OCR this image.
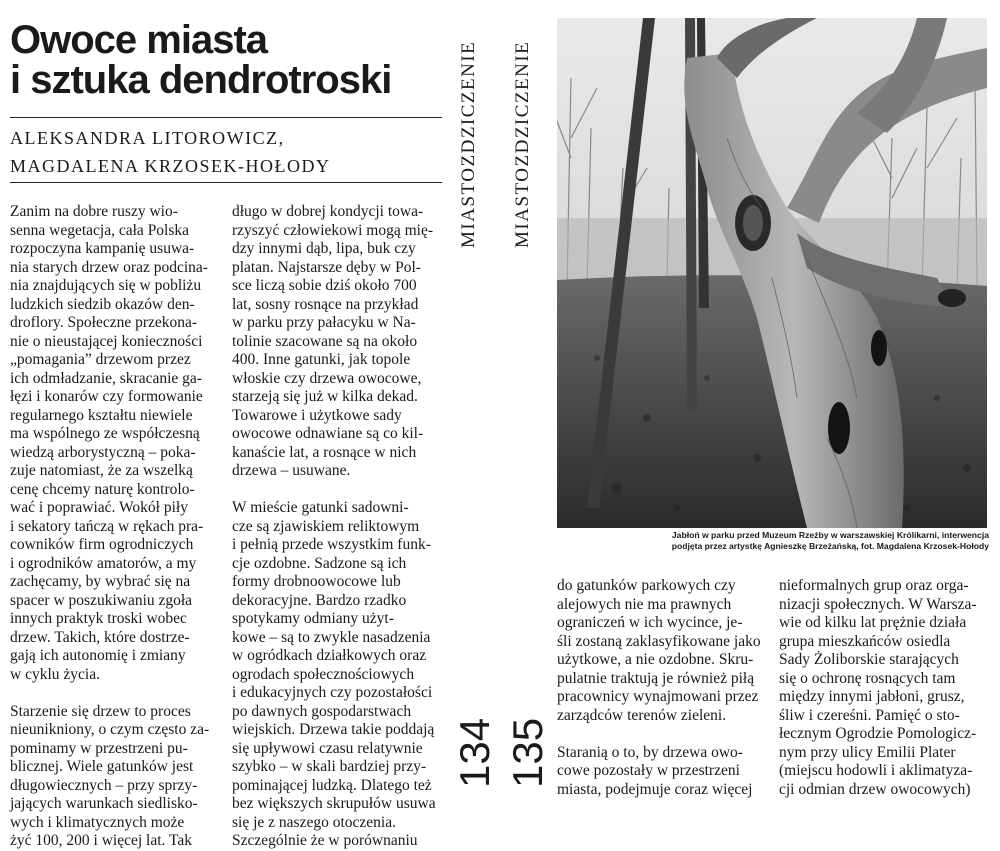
Owoce miasta
i sztuka dendrotroski
ALEKSANDRA LITOROWICZ,
MAGDALENA KRZOSEK-HOŁODY
Zanim na dobre ruszy wio-
senna wegetacja, cała Polska
rozpoczyna kampanię usuwa-
nia starych drzew oraz podcina-
nia znajdujących się w pobliżu
ludzkich siedzib okazów den-
droflory. Społeczne przekona-
nie o nieustającej konieczności
„pomagania” drzewom przez
ich odmładzanie, skracanie ga-
łęzi i konarów czy formowanie
regularnego kształtu niewiele
ma wspólnego ze współczesną
wiedzą arborystyczną – poka-
zuje natomiast, że za wszelką
cenę chcemy naturę kontrolo-
wać i poprawiać. Wokół piły
i sekatory tańczą w rękach pra-
cowników firm ogrodniczych
i ogrodników amatorów, a my
zachęcamy, by wybrać się na
spacer w poszukiwaniu zgoła
innych praktyk troski wobec
drzew. Takich, które dostrze-
gają ich autonomię i zmiany
w cyklu życia.
Starzenie się drzew to proces
nieunikniony, o czym często za-
pominamy w przestrzeni pu-
blicznej. Wiele gatunków jest
długowiecznych – przy sprzy-
jających warunkach siedlisko-
wych i klimatycznych może
żyć 100, 200 i więcej lat. Tak
długo w dobrej kondycji towa-
rzyszyć człowiekowi mogą mię-
dzy innymi dąb, lipa, buk czy
platan. Najstarsze dęby w Pol-
sce liczą sobie dziś około 700
lat, sosny rosnące na przykład
w parku przy pałacyku w Na-
tolinie szacowane są na około
400. Inne gatunki, jak topole
włoskie czy drzewa owocowe,
starzeją się już w kilka dekad.
Towarowe i użytkowe sady
owocowe odnawiane są co kil-
kanaście lat, a rosnące w nich
drzewa – usuwane.
W mieście gatunki sadowni-
cze są zjawiskiem reliktowym
i pełnią przede wszystkim funk-
cje ozdobne. Sadzone są ich
formy drobnoowocowe lub
dekoracyjne. Bardzo rzadko
spotykamy odmiany użyt-
kowe – są to zwykle nasadzenia
w ogródkach działkowych oraz
ogrodach społecznościowych
i edukacyjnych czy pozostałości
po dawnych gospodarstwach
wiejskich. Drzewa takie poddają
się upływowi czasu relatywnie
szybko – w skali bardziej przy-
pominającej ludzką. Dlatego też
bez większych skrupułów usuwa
się je z naszego otoczenia.
Szczególnie że w porównaniu
do gatunków parkowych czy
alejowych nie ma prawnych
ograniczeń w ich wycince, je-
śli zostaną zaklasyfikowane jako
użytkowe, a nie ozdobne. Skru-
pulatnie traktują je również piłą
pracownicy wynajmowani przez
zarządców terenów zieleni.
Staranią o to, by drzewa owo-
cowe pozostały w przestrzeni
miasta, podejmuje coraz więcej
nieformalnych grup oraz orga-
nizacji społecznych. W Warsza-
wie od kilku lat prężnie działa
grupa mieszkańców osiedla
Sady Żoliborskie starających
się o ochronę rosnących tam
między innymi jabłoni, grusz,
śliw i czereśni. Pamięć o sto-
łecznym Ogrodzie Pomologicz-
nym przy ulicy Emilii Plater
(miejscu hodowli i aklimatyza-
cji odmian drzew owocowych)
MIASTOZDZICZENIE	MIASTOZDZICZENIE
134 135
Jabłoń w parku przed Muzeum Rzeźby w warszawskiej Królikarni, interwencja
podjęta przez artystkę Agnieszkę Brzeżańską, fot. Magdalena Krzosek-Hołody
